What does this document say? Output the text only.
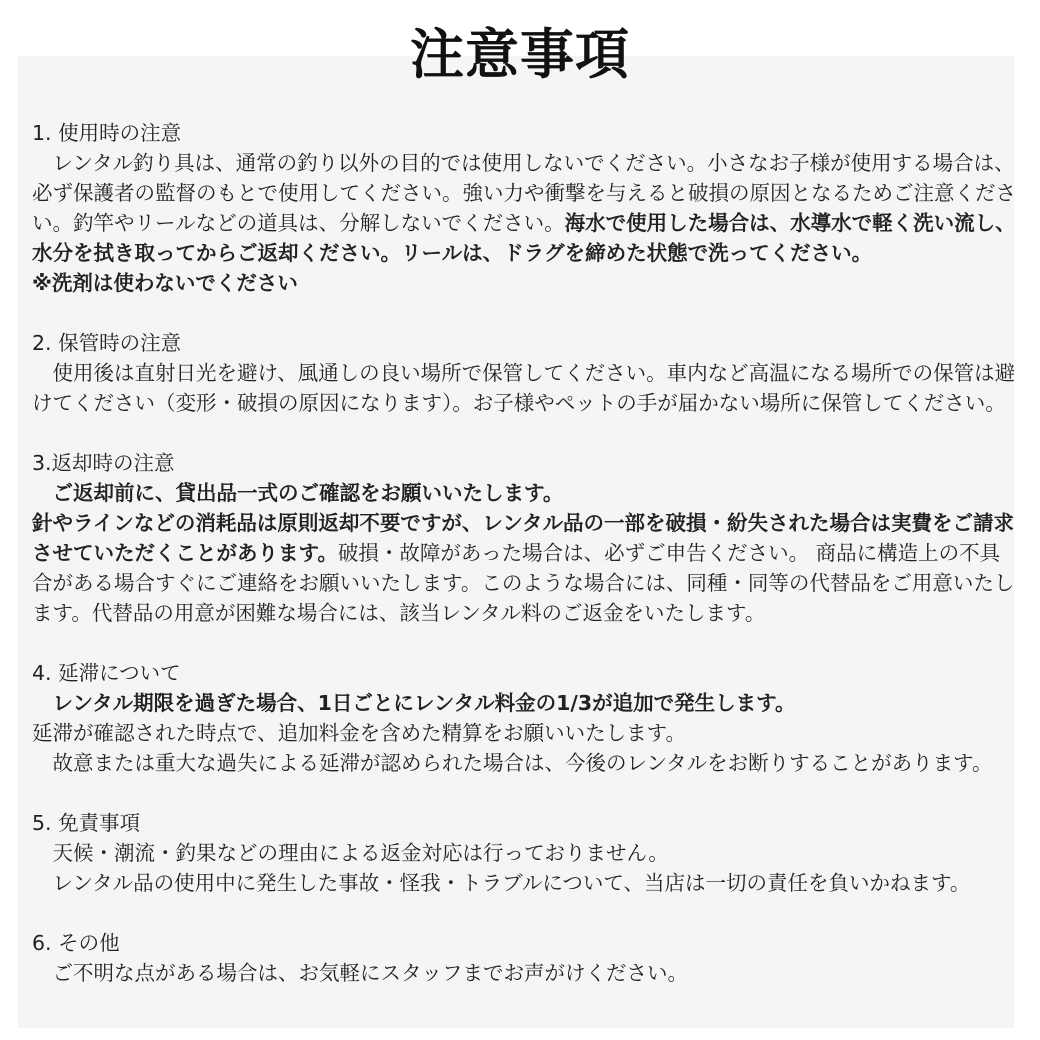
注意事項
1. 使用時の注意

レンタル釣り具は、通常の釣り以外の目的では使用しないでください。小さなお子様が使用する場合は、必ず保護者の監督のもとで使用してください。強い力や衝撃を与えると破損の原因となるためご注意ください。釣竿やリールなどの道具は、分解しないでください。海水で使用した場合は、水導水で軽く洗い流し、水分を拭き取ってからご返却ください。リールは、ドラグを締めた状態で洗ってください。

※洗剤は使わないでください

2. 保管時の注意

使用後は直射日光を避け、風通しの良い場所で保管してください。車内など高温になる場所での保管は避けてください（変形・破損の原因になります）。お子様やペットの手が届かない場所に保管してください。

3.返却時の注意

ご返却前に、貸出品一式のご確認をお願いいたします。

針やラインなどの消耗品は原則返却不要ですが、レンタル品の一部を破損・紛失された場合は実費をご請求させていただくことがあります。破損・故障があった場合は、必ずご申告ください。 商品に構造上の不具合がある場合すぐにご連絡をお願いいたします。このような場合には、同種・同等の代替品をご用意いたします。代替品の用意が困難な場合には、該当レンタル料のご返金をいたします。

4. 延滞について

レンタル期限を過ぎた場合、1日ごとにレンタル料金の1/3が追加で発生します。

延滞が確認された時点で、追加料金を含めた精算をお願いいたします。

故意または重大な過失による延滞が認められた場合は、今後のレンタルをお断りすることがあります。

5. 免責事項

天候・潮流・釣果などの理由による返金対応は行っておりません。

レンタル品の使用中に発生した事故・怪我・トラブルについて、当店は一切の責任を負いかねます。

6. その他

ご不明な点がある場合は、お気軽にスタッフまでお声がけください。
